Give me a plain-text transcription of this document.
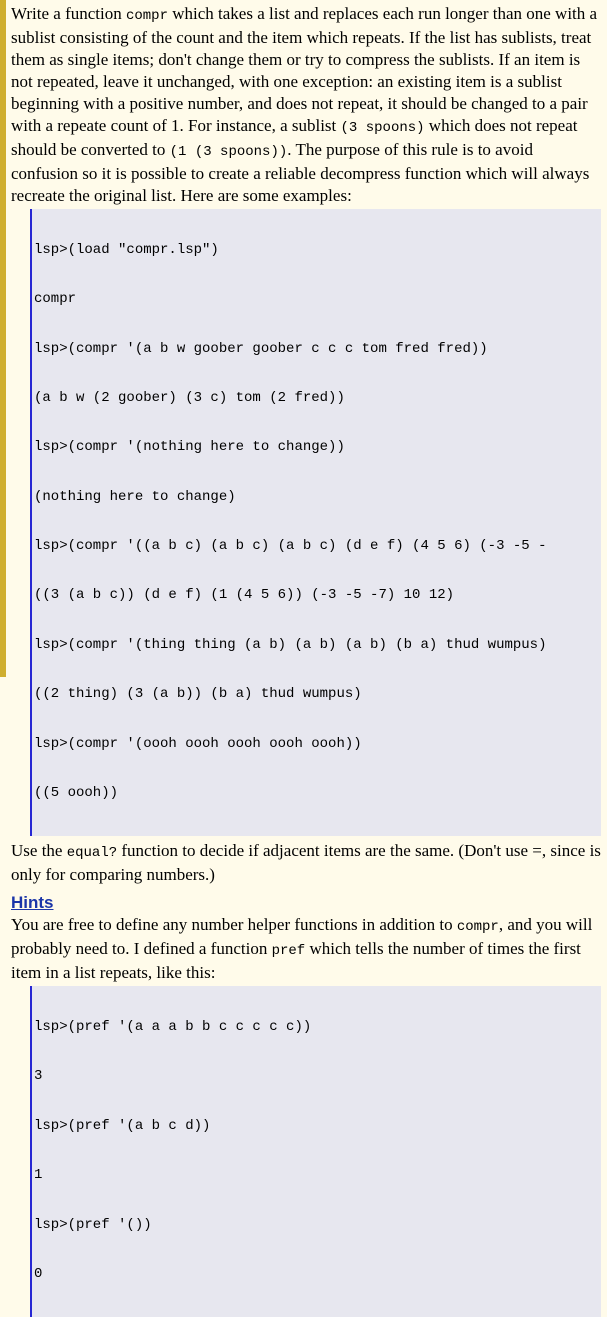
Write a function compr which takes a list and replaces each run longer than one with a sublist consisting of the count and the item which repeats. If the list has sublists, treat them as single items; don't change them or try to compress the sublists. If an item is not repeated, leave it unchanged, with one exception: an existing item is a sublist beginning with a positive number, and does not repeat, it should be changed to a pair with a repeate count of 1. For instance, a sublist (3 spoons) which does not repeat should be converted to (1 (3 spoons)). The purpose of this rule is to avoid confusion so it is possible to create a reliable decompress function which will always recreate the original list. Here are some examples:

lsp>(load "compr.lsp")

compr

lsp>(compr '(a b w goober goober c c c tom fred fred))

(a b w (2 goober) (3 c) tom (2 fred))

lsp>(compr '(nothing here to change))

(nothing here to change)

lsp>(compr '((a b c) (a b c) (a b c) (d e f) (4 5 6) (-3 -5 -

((3 (a b c)) (d e f) (1 (4 5 6)) (-3 -5 -7) 10 12)

lsp>(compr '(thing thing (a b) (a b) (a b) (b a) thud wumpus)

((2 thing) (3 (a b)) (b a) thud wumpus)

lsp>(compr '(oooh oooh oooh oooh oooh))

((5 oooh))

Use the equal? function to decide if adjacent items are the same. (Don't use =, since is only for comparing numbers.)

Hints

You are free to define any number helper functions in addition to compr, and you will probably need to. I defined a function pref which tells the number of times the first item in a list repeats, like this:

lsp>(pref '(a a a b b c c c c c))

3

lsp>(pref '(a b c d))

1

lsp>(pref '())

0
